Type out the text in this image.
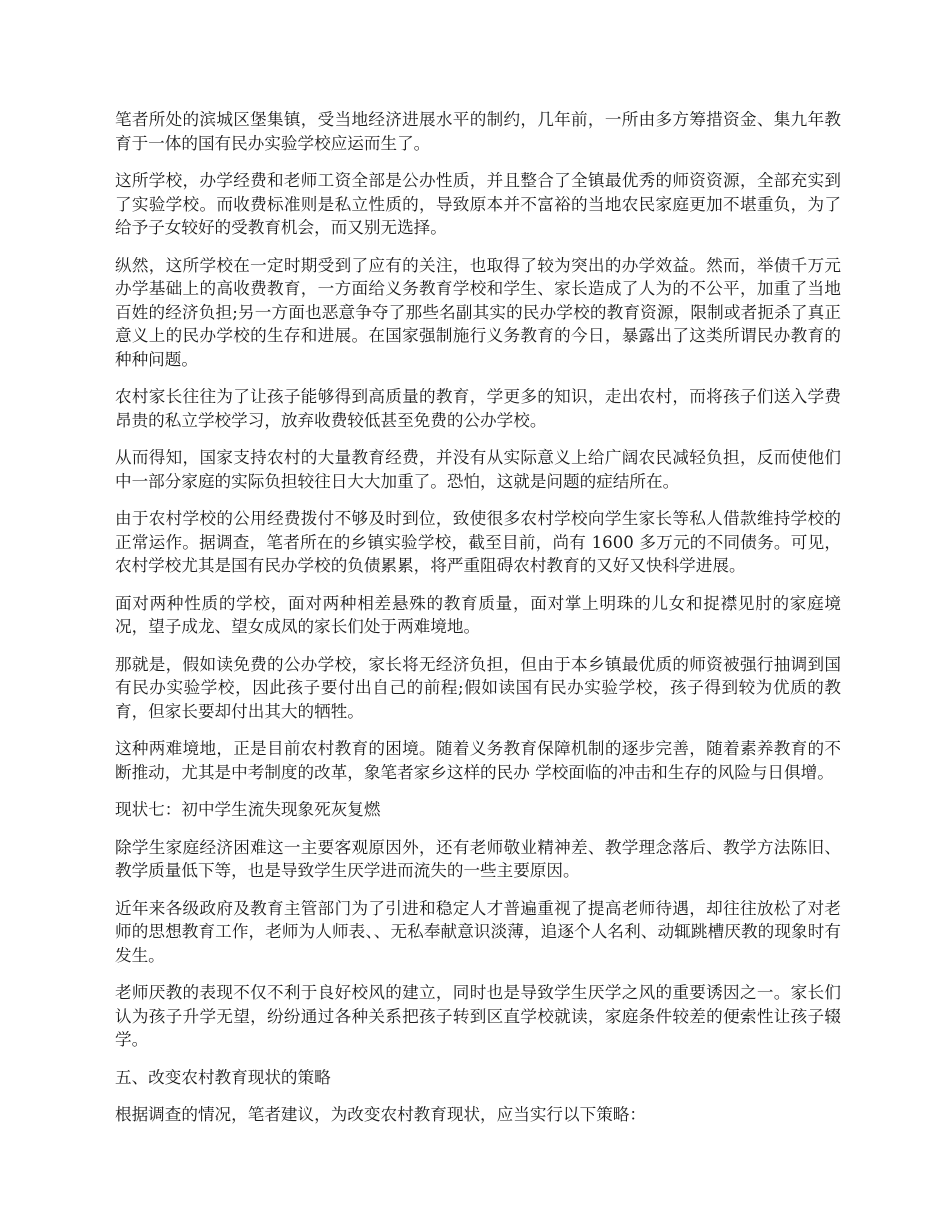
笔者所处的滨城区堡集镇，受当地经济进展水平的制约，几年前，一所由多方筹措资金、集九年教育于一体的国有民办实验学校应运而生了。

这所学校，办学经费和老师工资全部是公办性质，并且整合了全镇最优秀的师资资源，全部充实到了实验学校。而收费标准则是私立性质的，导致原本并不富裕的当地农民家庭更加不堪重负，为了给予子女较好的受教育机会，而又别无选择。

纵然，这所学校在一定时期受到了应有的关注，也取得了较为突出的办学效益。然而，举债千万元办学基础上的高收费教育，一方面给义务教育学校和学生、家长造成了人为的不公平，加重了当地百姓的经济负担;另一方面也恶意争夺了那些名副其实的民办学校的教育资源，限制或者扼杀了真正意义上的民办学校的生存和进展。在国家强制施行义务教育的今日，暴露出了这类所谓民办教育的种种问题。

农村家长往往为了让孩子能够得到高质量的教育，学更多的知识，走出农村，而将孩子们送入学费昂贵的私立学校学习，放弃收费较低甚至免费的公办学校。

从而得知，国家支持农村的大量教育经费，并没有从实际意义上给广阔农民减轻负担，反而使他们中一部分家庭的实际负担较往日大大加重了。恐怕，这就是问题的症结所在。

由于农村学校的公用经费拨付不够及时到位，致使很多农村学校向学生家长等私人借款维持学校的正常运作。据调查，笔者所在的乡镇实验学校，截至目前，尚有 1600 多万元的不同债务。可见，农村学校尤其是国有民办学校的负债累累，将严重阻碍农村教育的又好又快科学进展。

面对两种性质的学校，面对两种相差悬殊的教育质量，面对掌上明珠的儿女和捉襟见肘的家庭境况，望子成龙、望女成凤的家长们处于两难境地。

那就是，假如读免费的公办学校，家长将无经济负担，但由于本乡镇最优质的师资被强行抽调到国有民办实验学校，因此孩子要付出自己的前程;假如读国有民办实验学校，孩子得到较为优质的教育，但家长要却付出其大的牺牲。

这种两难境地，正是目前农村教育的困境。随着义务教育保障机制的逐步完善，随着素养教育的不断推动，尤其是中考制度的改革，象笔者家乡这样的民办 学校面临的冲击和生存的风险与日俱增。

现状七：初中学生流失现象死灰复燃

除学生家庭经济困难这一主要客观原因外，还有老师敬业精神差、教学理念落后、教学方法陈旧、教学质量低下等，也是导致学生厌学进而流失的一些主要原因。

近年来各级政府及教育主管部门为了引进和稳定人才普遍重视了提高老师待遇，却往往放松了对老师的思想教育工作，老师为人师表、、无私奉献意识淡薄，追逐个人名利、动辄跳槽厌教的现象时有发生。

老师厌教的表现不仅不利于良好校风的建立，同时也是导致学生厌学之风的重要诱因之一。家长们认为孩子升学无望，纷纷通过各种关系把孩子转到区直学校就读，家庭条件较差的便索性让孩子辍学。

五、改变农村教育现状的策略

根据调查的情况，笔者建议，为改变农村教育现状，应当实行以下策略：
